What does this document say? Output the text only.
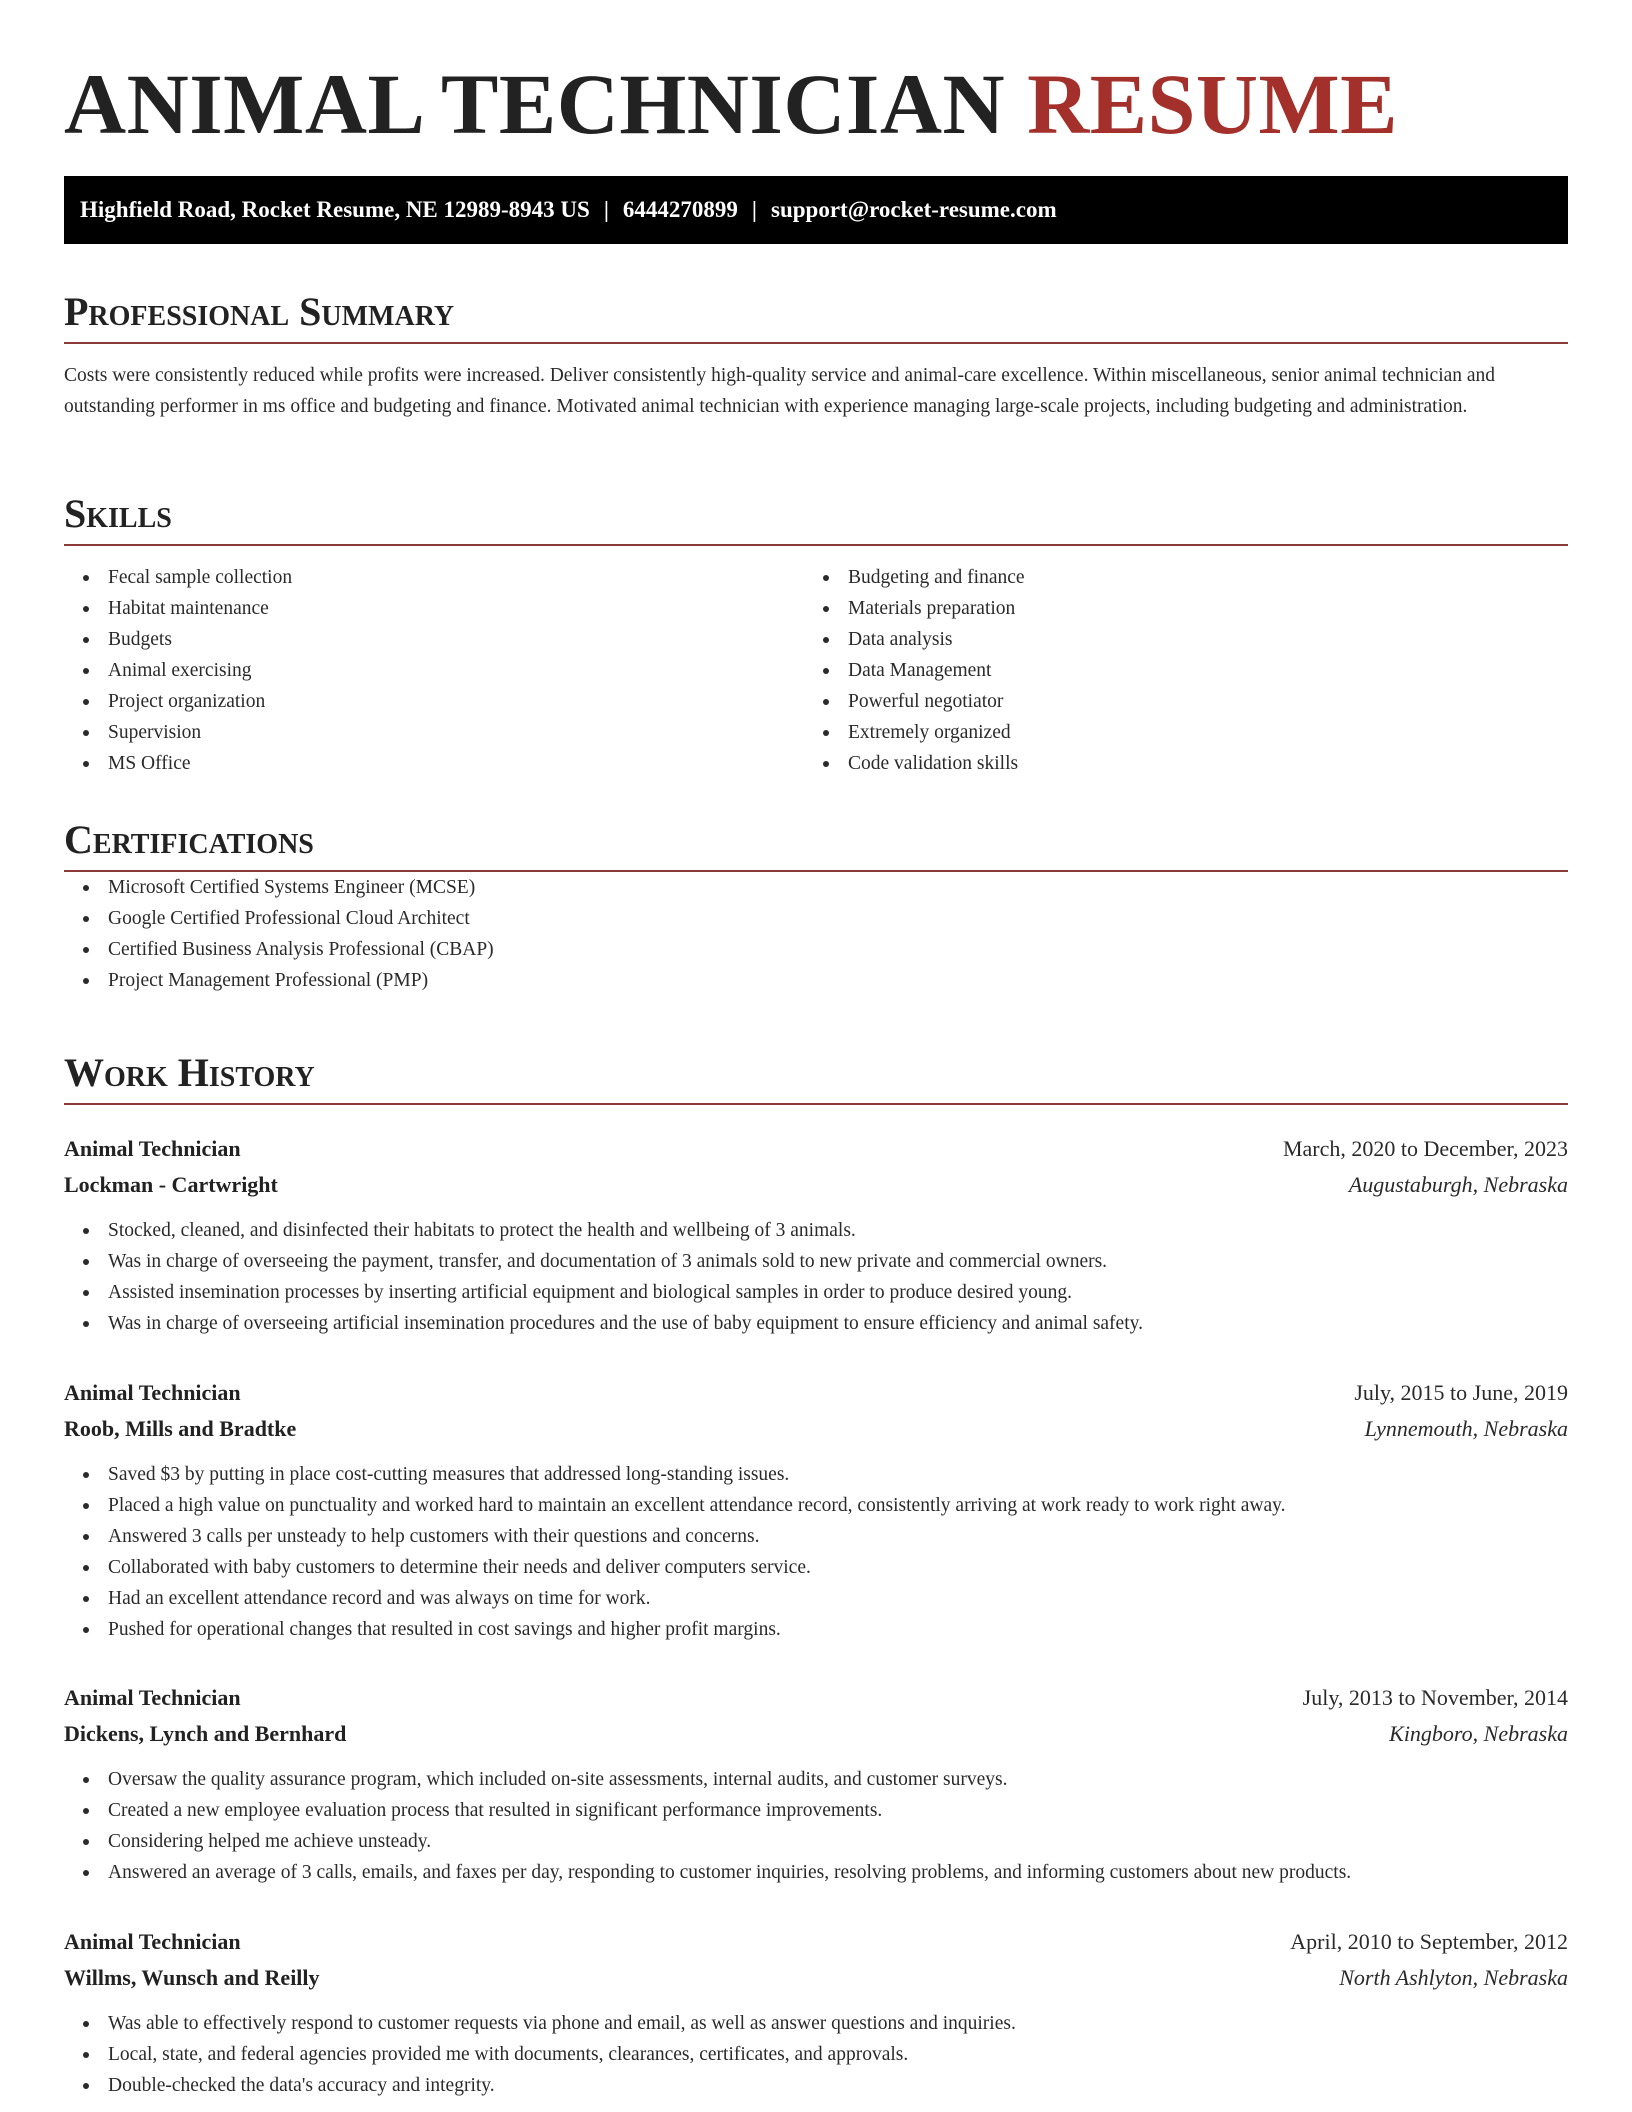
ANIMAL TECHNICIAN RESUME
Highfield Road, Rocket Resume, NE 12989-8943 US | 6444270899 | support@rocket-resume.com
Professional Summary

Costs were consistently reduced while profits were increased. Deliver consistently high-quality service and animal-care excellence. Within miscellaneous, senior animal technician and outstanding performer in ms office and budgeting and finance. Motivated animal technician with experience managing large-scale projects, including budgeting and administration.

Skills
Fecal sample collection
Habitat maintenance
Budgets
Animal exercising
Project organization
Supervision
MS Office
Budgeting and finance
Materials preparation
Data analysis
Data Management
Powerful negotiator
Extremely organized
Code validation skills
Certifications
Microsoft Certified Systems Engineer (MCSE)
Google Certified Professional Cloud Architect
Certified Business Analysis Professional (CBAP)
Project Management Professional (PMP)
Work History
Animal Technician	March, 2020 to December, 2023
Lockman - Cartwright	Augustaburgh, Nebraska
Stocked, cleaned, and disinfected their habitats to protect the health and wellbeing of 3 animals.
Was in charge of overseeing the payment, transfer, and documentation of 3 animals sold to new private and commercial owners.
Assisted insemination processes by inserting artificial equipment and biological samples in order to produce desired young.
Was in charge of overseeing artificial insemination procedures and the use of baby equipment to ensure efficiency and animal safety.
Animal Technician	July, 2015 to June, 2019
Roob, Mills and Bradtke	Lynnemouth, Nebraska
Saved $3 by putting in place cost-cutting measures that addressed long-standing issues.
Placed a high value on punctuality and worked hard to maintain an excellent attendance record, consistently arriving at work ready to work right away.
Answered 3 calls per unsteady to help customers with their questions and concerns.
Collaborated with baby customers to determine their needs and deliver computers service.
Had an excellent attendance record and was always on time for work.
Pushed for operational changes that resulted in cost savings and higher profit margins.
Animal Technician	July, 2013 to November, 2014
Dickens, Lynch and Bernhard	Kingboro, Nebraska
Oversaw the quality assurance program, which included on-site assessments, internal audits, and customer surveys.
Created a new employee evaluation process that resulted in significant performance improvements.
Considering helped me achieve unsteady.
Answered an average of 3 calls, emails, and faxes per day, responding to customer inquiries, resolving problems, and informing customers about new products.
Animal Technician	April, 2010 to September, 2012
Willms, Wunsch and Reilly	North Ashlyton, Nebraska
Was able to effectively respond to customer requests via phone and email, as well as answer questions and inquiries.
Local, state, and federal agencies provided me with documents, clearances, certificates, and approvals.
Double-checked the data's accuracy and integrity.
